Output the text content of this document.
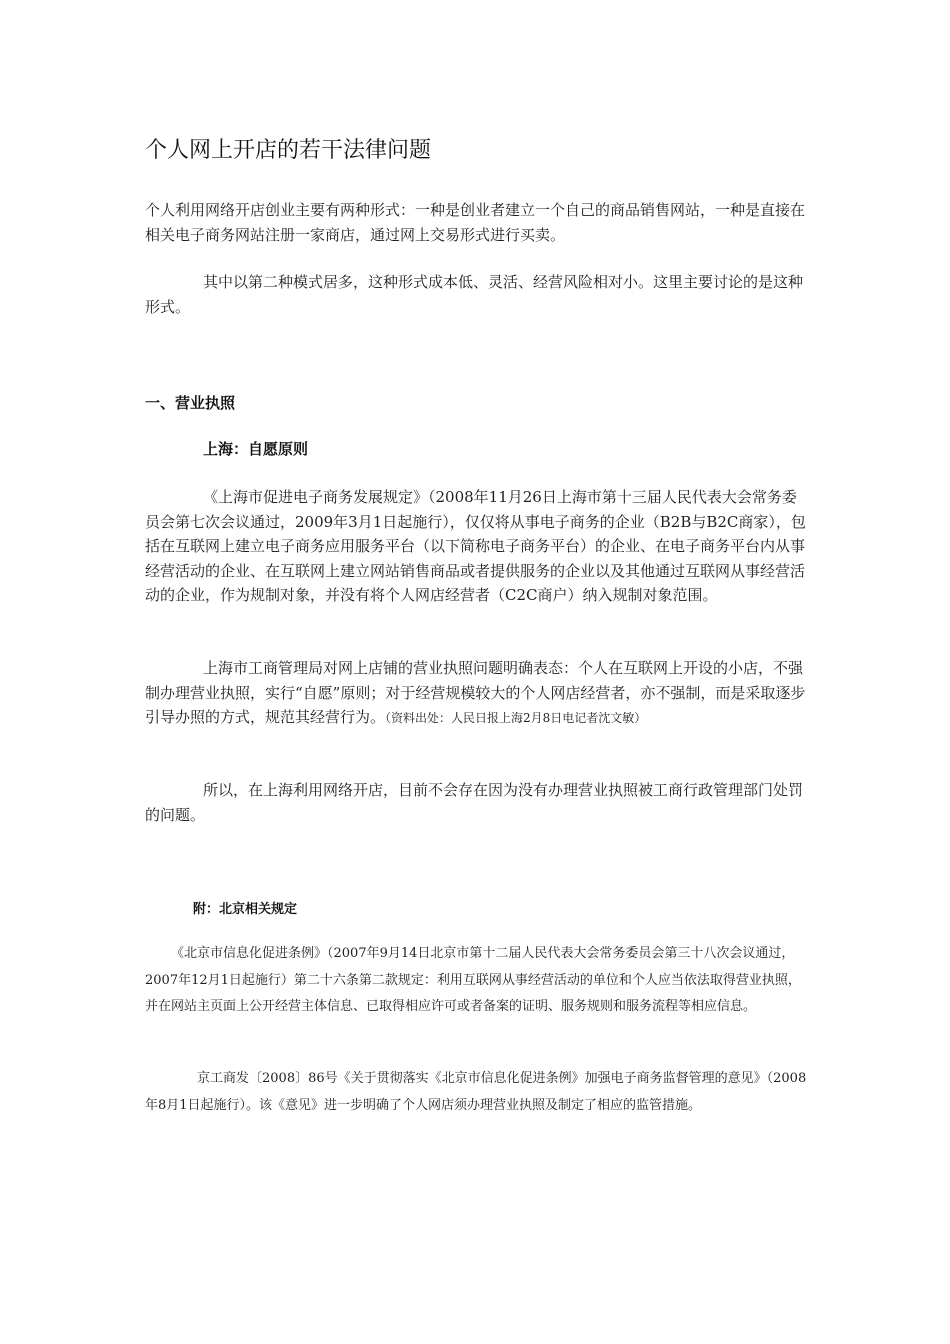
个人网上开店的若干法律问题

个人利用网络开店创业主要有两种形式：一种是创业者建立一个自己的商品销售网站，一种是直接在相关电子商务网站注册一家商店，通过网上交易形式进行买卖。

其中以第二种模式居多，这种形式成本低、灵活、经营风险相对小。这里主要讨论的是这种形式。

一、营业执照
上海：自愿原则

《上海市促进电子商务发展规定》（2008年11月26日上海市第十三届人民代表大会常务委员会第七次会议通过，2009年3月1日起施行），仅仅将从事电子商务的企业（B2B与B2C商家），包括在互联网上建立电子商务应用服务平台（以下简称电子商务平台）的企业、在电子商务平台内从事经营活动的企业、在互联网上建立网站销售商品或者提供服务的企业以及其他通过互联网从事经营活动的企业，作为规制对象，并没有将个人网店经营者（C2C商户）纳入规制对象范围。

上海市工商管理局对网上店铺的营业执照问题明确表态：个人在互联网上开设的小店，不强制办理营业执照，实行“自愿”原则；对于经营规模较大的个人网店经营者，亦不强制，而是采取逐步引导办照的方式，规范其经营行为。（资料出处：人民日报上海2月8日电记者沈文敏）

所以，在上海利用网络开店，目前不会存在因为没有办理营业执照被工商行政管理部门处罚的问题。

附：北京相关规定

《北京市信息化促进条例》（2007年9月14日北京市第十二届人民代表大会常务委员会第三十八次会议通过，2007年12月1日起施行）第二十六条第二款规定：利用互联网从事经营活动的单位和个人应当依法取得营业执照，并在网站主页面上公开经营主体信息、已取得相应许可或者备案的证明、服务规则和服务流程等相应信息。

京工商发〔2008〕86号《关于贯彻落实《北京市信息化促进条例》加强电子商务监督管理的意见》（2008年8月1日起施行）。该《意见》进一步明确了个人网店须办理营业执照及制定了相应的监管措施。
